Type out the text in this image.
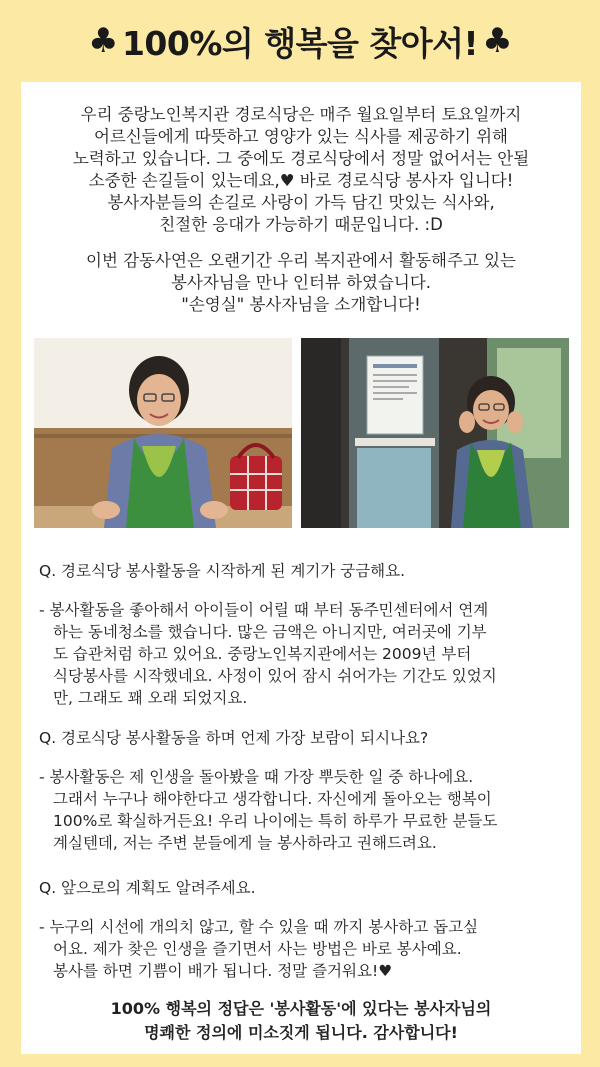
♣ 100%의 행복을 찾아서! ♣

우리 중랑노인복지관 경로식당은 매주 월요일부터 토요일까지

어르신들에게 따뜻하고 영양가 있는 식사를 제공하기 위해

노력하고 있습니다. 그 중에도 경로식당에서 정말 없어서는 안될

소중한 손길들이 있는데요,♥ 바로 경로식당 봉사자 입니다!

봉사자분들의 손길로 사랑이 가득 담긴 맛있는 식사와,

친절한 응대가 가능하기 때문입니다. :D

이번 감동사연은 오랜기간 우리 복지관에서 활동해주고 있는

봉사자님을 만나 인터뷰 하였습니다.

"손영실" 봉사자님을 소개합니다!

Q. 경로식당 봉사활동을 시작하게 된 계기가 궁금해요.

- 봉사활동을 좋아해서 아이들이 어릴 때 부터 동주민센터에서 연계

하는 동네청소를 했습니다. 많은 금액은 아니지만, 여러곳에 기부

도 습관처럼 하고 있어요. 중랑노인복지관에서는 2009년 부터

식당봉사를 시작했네요. 사정이 있어 잠시 쉬어가는 기간도 있었지

만, 그래도 꽤 오래 되었지요.

Q. 경로식당 봉사활동을 하며 언제 가장 보람이 되시나요?

- 봉사활동은 제 인생을 돌아봤을 때 가장 뿌듯한 일 중 하나에요.

그래서 누구나 해야한다고 생각합니다. 자신에게 돌아오는 행복이

100%로 확실하거든요! 우리 나이에는 특히 하루가 무료한 분들도

계실텐데, 저는 주변 분들에게 늘 봉사하라고 권해드려요.

Q. 앞으로의 계획도 알려주세요.

- 누구의 시선에 개의치 않고, 할 수 있을 때 까지 봉사하고 돕고싶

어요. 제가 찾은 인생을 즐기면서 사는 방법은 바로 봉사예요.

봉사를 하면 기쁨이 배가 됩니다. 정말 즐거워요!♥

100% 행복의 정답은 '봉사활동'에 있다는 봉사자님의
명쾌한 정의에 미소짓게 됩니다. 감사합니다!
